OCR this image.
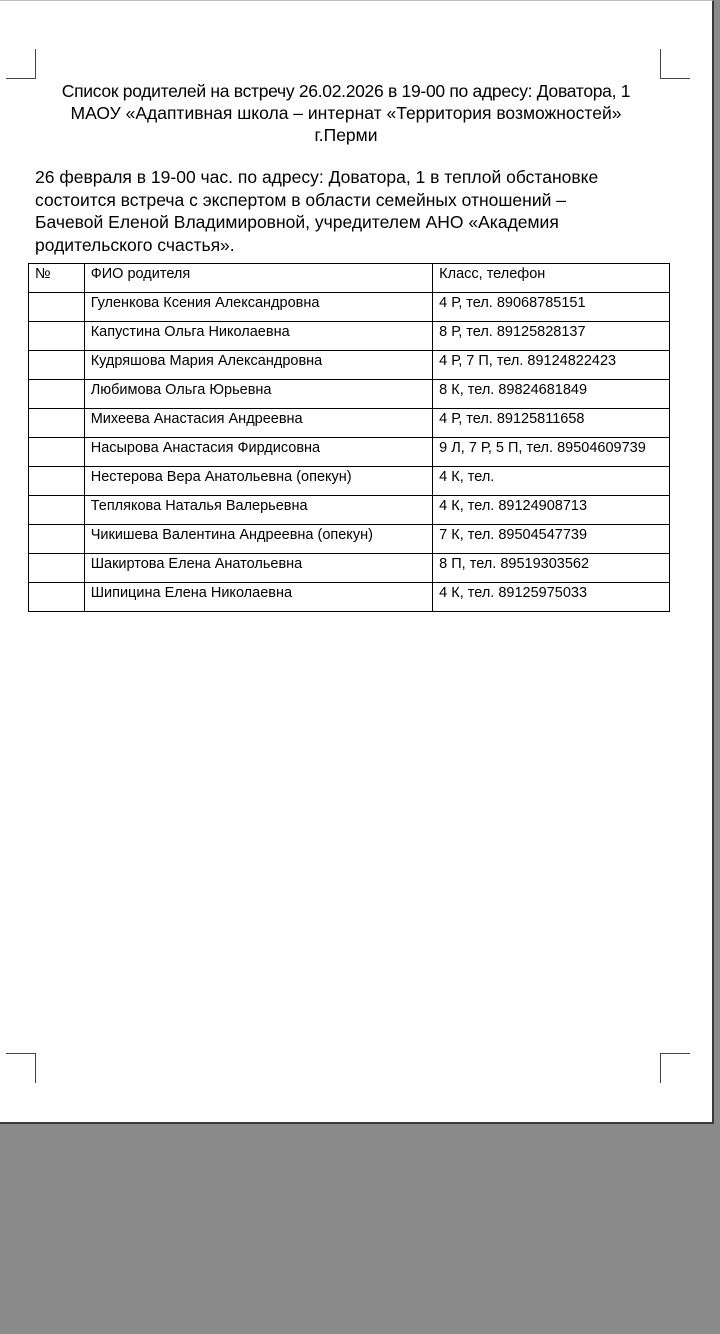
Список родителей на встречу 26.02.2026 в 19-00 по адресу: Доватора, 1
МАОУ «Адаптивная школа – интернат «Территория возможностей»
г.Перми
26 февраля в 19-00 час. по адресу: Доватора, 1 в теплой обстановке состоится встреча с экспертом в области семейных отношений – Бачевой Еленой Владимировной, учредителем АНО «Академия родительского счастья».
№	ФИО родителя	Класс, телефон
	Гуленкова Ксения Александровна	4 Р, тел. 89068785151
	Капустина Ольга Николаевна	8 Р, тел. 89125828137
	Кудряшова Мария Александровна	4 Р, 7 П, тел. 89124822423
	Любимова Ольга Юрьевна	8 К, тел. 89824681849
	Михеева Анастасия Андреевна	4 Р, тел. 89125811658
	Насырова Анастасия Фирдисовна	9 Л, 7 Р, 5 П, тел. 89504609739
	Нестерова Вера Анатольевна (опекун)	4 К, тел.
	Теплякова Наталья Валерьевна	4 К, тел. 89124908713
	Чикишева Валентина Андреевна (опекун)	7 К, тел. 89504547739
	Шакиртова Елена Анатольевна	8 П, тел. 89519303562
	Шипицина Елена Николаевна	4 К, тел. 89125975033
